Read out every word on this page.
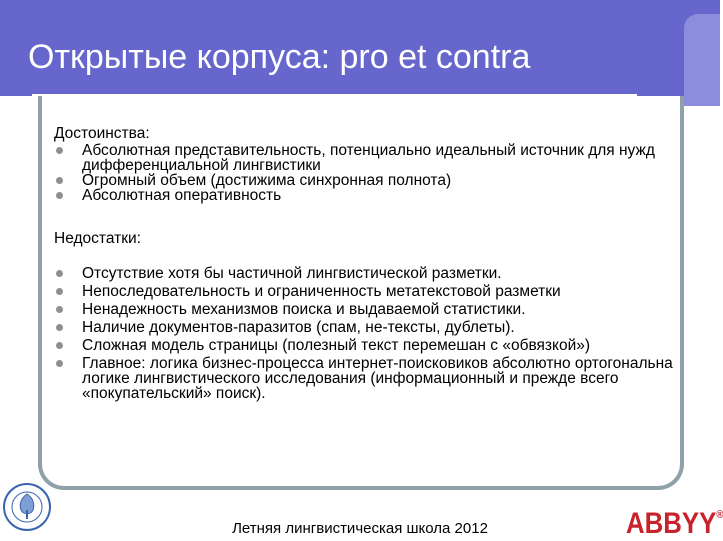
Открытые корпуса: pro et contra
Достоинства:
Абсолютная представительность, потенциально идеальный источник для нужд дифференциальной лингвистики
Огромный объем (достижима синхронная полнота)
Абсолютная оперативность
Недостатки:
Отсутствие хотя бы частичной лингвистической разметки.
Непоследовательность и ограниченность метатекстовой разметки
Ненадежность механизмов поиска и выдаваемой статистики.
Наличие документов-паразитов (спам, не-тексты, дублеты).
Сложная модель страницы (полезный текст перемешан с «обвязкой»)
Главное: логика бизнес-процесса интернет-поисковиков абсолютно ортогональна логике лингвистического исследования (информационный и прежде всего «покупательский» поиск).
Летняя лингвистическая школа 2012	ABBYY®
